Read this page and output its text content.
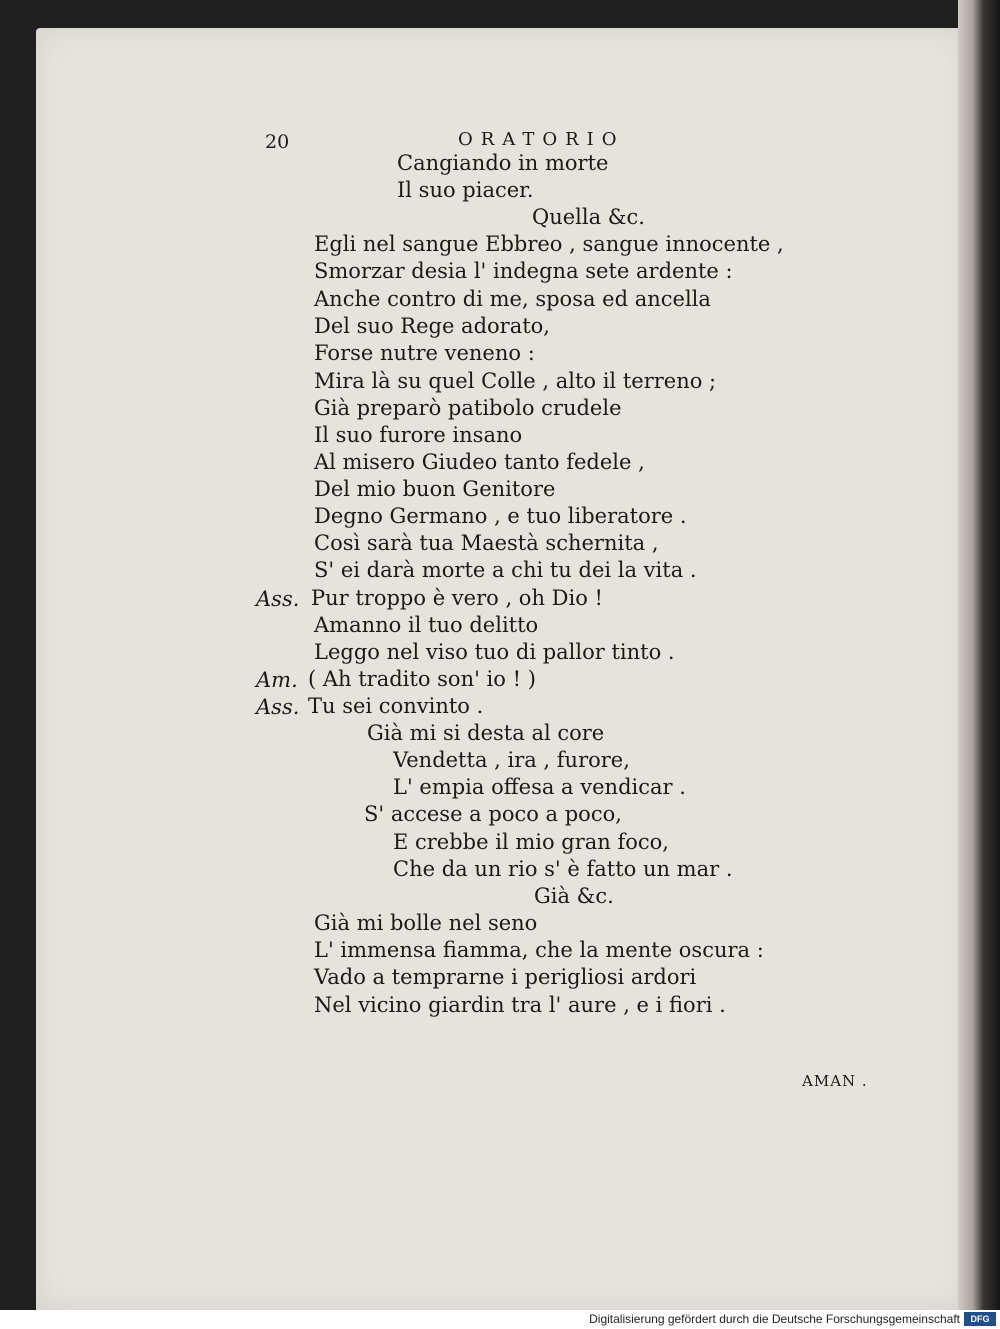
20	ORATORIO
Cangiando in morte
Il suo piacer.
Quella &c.
Egli nel sangue Ebbreo , sangue innocente ,
Smorzar desia l' indegna sete ardente :
Anche contro di me, sposa ed ancella
Del suo Rege adorato,
Forse nutre veneno :
Mira là su quel Colle , alto il terreno ;
Già preparò patibolo crudele
Il suo furore insano
Al misero Giudeo tanto fedele ,
Del mio buon Genitore
Degno Germano , e tuo liberatore .
Così sarà tua Maestà schernita ,
S' ei darà morte a chi tu dei la vita .
Pur troppo è vero , oh Dio !
Ass.
Amanno il tuo delitto
Leggo nel viso tuo di pallor tinto .
( Ah tradito son' io ! )
Am.
Tu sei convinto .
Ass.
Già mi si desta al core
Vendetta , ira , furore,
L' empia offesa a vendicar .
S' accese a poco a poco,
E crebbe il mio gran foco,
Che da un rio s' è fatto un mar .
Già &c.
Già mi bolle nel seno
L' immensa fiamma, che la mente oscura :
Vado a temprarne i perigliosi ardori
Nel vicino giardin tra l' aure , e i fiori .
AMAN .
Digitalisierung gefördert durch die Deutsche Forschungsgemeinschaft	DFG
